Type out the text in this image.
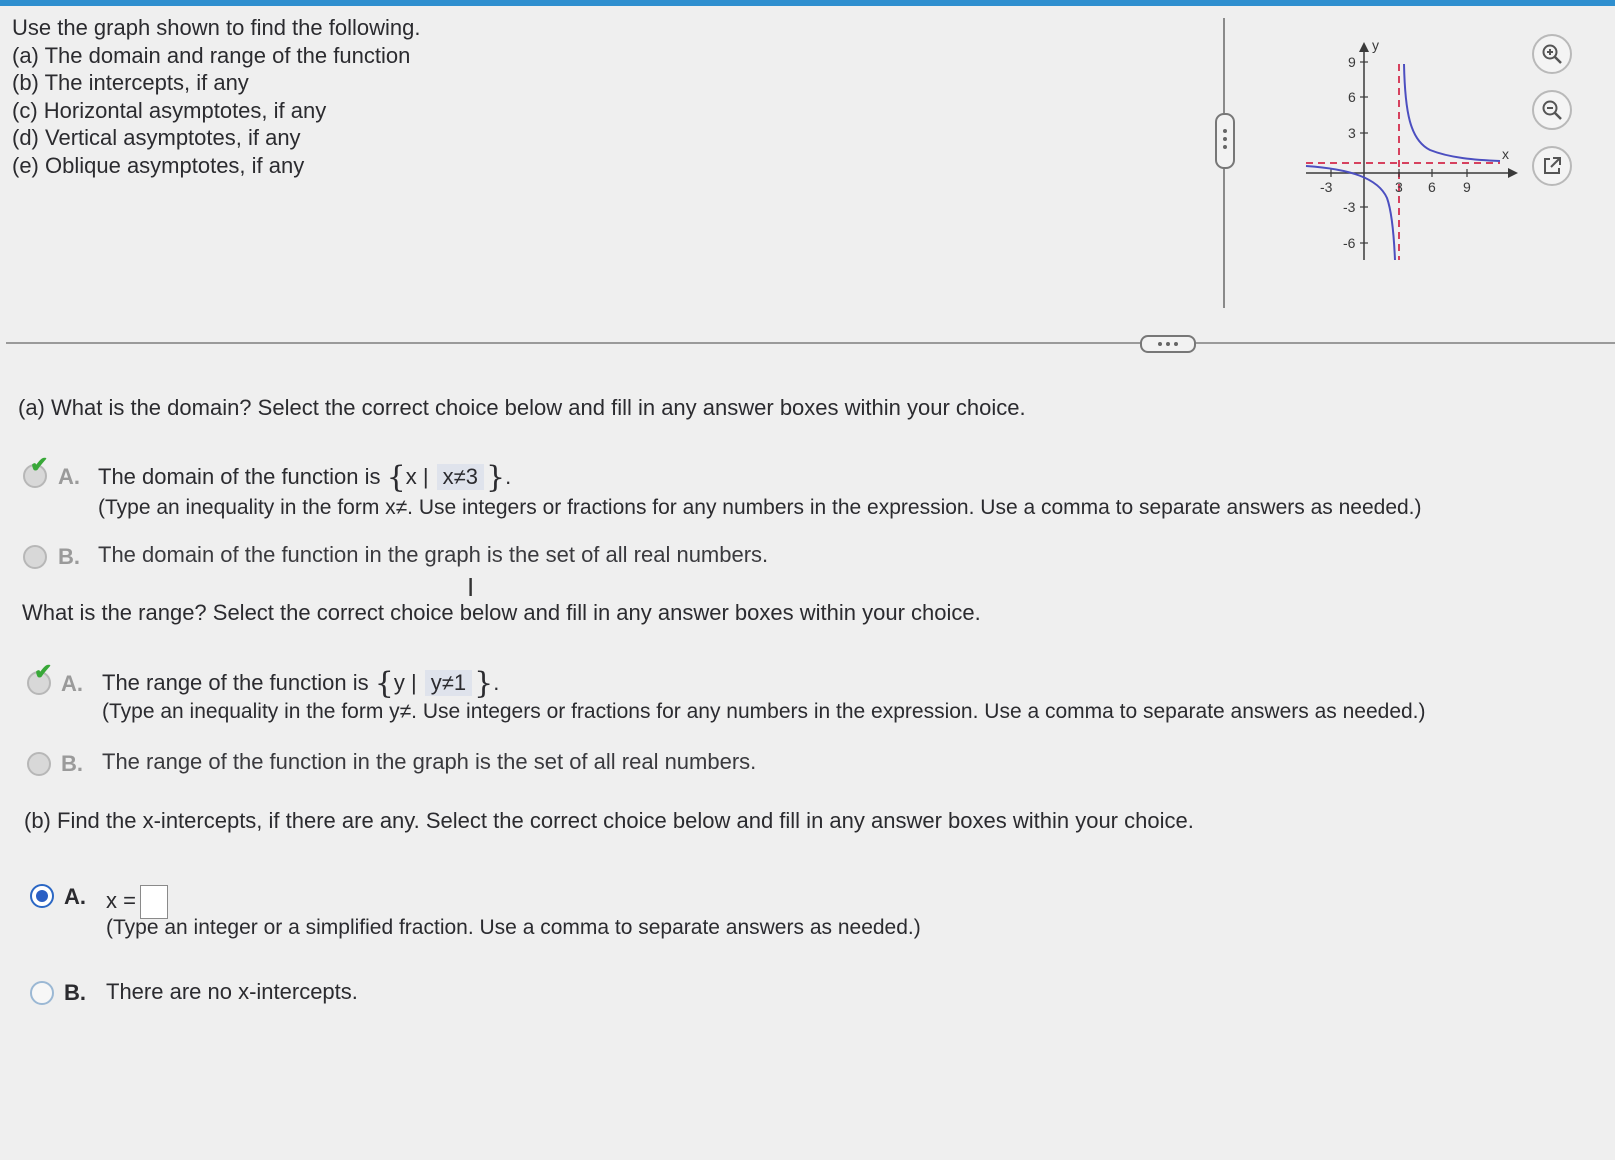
Use the graph shown to find the following.
(a) The domain and range of the function
(b) The intercepts, if any
(c) Horizontal asymptotes, if any
(d) Vertical asymptotes, if any
(e) Oblique asymptotes, if any	x
y
-3	3 6 9
9
6
3
-3
-6
(a) What is the domain? Select the correct choice below and fill in any answer boxes within your choice.
✔ A. The domain of the function is {x | x≠3 }.
(Type an inequality in the form x≠. Use integers or fractions for any numbers in the expression. Use a comma to separate answers as needed.)
B. The domain of the function in the graph is the set of all real numbers.
What is the range? Select the correct choice below and fill in any answer boxes within your choice.
I
✔ A. The range of the function is {y | y≠1 }.
(Type an inequality in the form y≠. Use integers or fractions for any numbers in the expression. Use a comma to separate answers as needed.)
B. The range of the function in the graph is the set of all real numbers.
(b) Find the x-intercepts, if there are any. Select the correct choice below and fill in any answer boxes within your choice.
A. x =
(Type an integer or a simplified fraction. Use a comma to separate answers as needed.)
B. There are no x-intercepts.
